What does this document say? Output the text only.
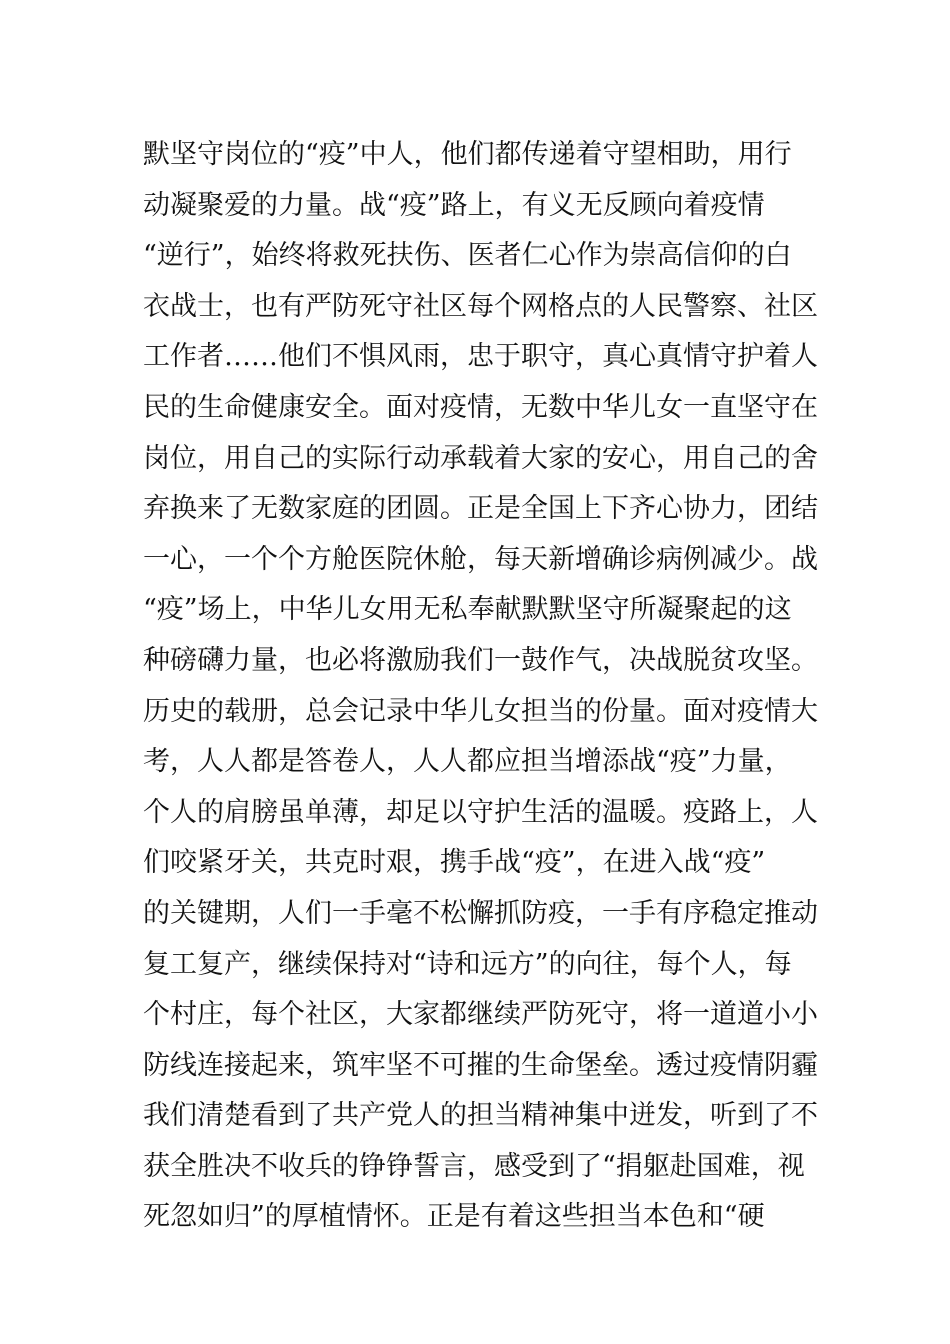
默坚守岗位的“疫”中人，他们都传递着守望相助，用行
动凝聚爱的力量。战“疫”路上，有义无反顾向着疫情
“逆行”，始终将救死扶伤、医者仁心作为崇高信仰的白
衣战士，也有严防死守社区每个网格点的人民警察、社区
工作者……他们不惧风雨，忠于职守，真心真情守护着人
民的生命健康安全。面对疫情，无数中华儿女一直坚守在
岗位，用自己的实际行动承载着大家的安心，用自己的舍
弃换来了无数家庭的团圆。正是全国上下齐心协力，团结
一心，一个个方舱医院休舱，每天新增确诊病例减少。战
“疫”场上，中华儿女用无私奉献默默坚守所凝聚起的这
种磅礴力量，也必将激励我们一鼓作气，决战脱贫攻坚。
历史的载册，总会记录中华儿女担当的份量。面对疫情大
考，人人都是答卷人，人人都应担当增添战“疫”力量，
个人的肩膀虽单薄，却足以守护生活的温暖。疫路上，人
们咬紧牙关，共克时艰，携手战“疫”，在进入战“疫”
的关键期，人们一手毫不松懈抓防疫，一手有序稳定推动
复工复产，继续保持对“诗和远方”的向往，每个人，每
个村庄，每个社区，大家都继续严防死守，将一道道小小
防线连接起来，筑牢坚不可摧的生命堡垒。透过疫情阴霾
我们清楚看到了共产党人的担当精神集中迸发，听到了不
获全胜决不收兵的铮铮誓言，感受到了“捐躯赴国难，视
死忽如归”的厚植情怀。正是有着这些担当本色和“硬
